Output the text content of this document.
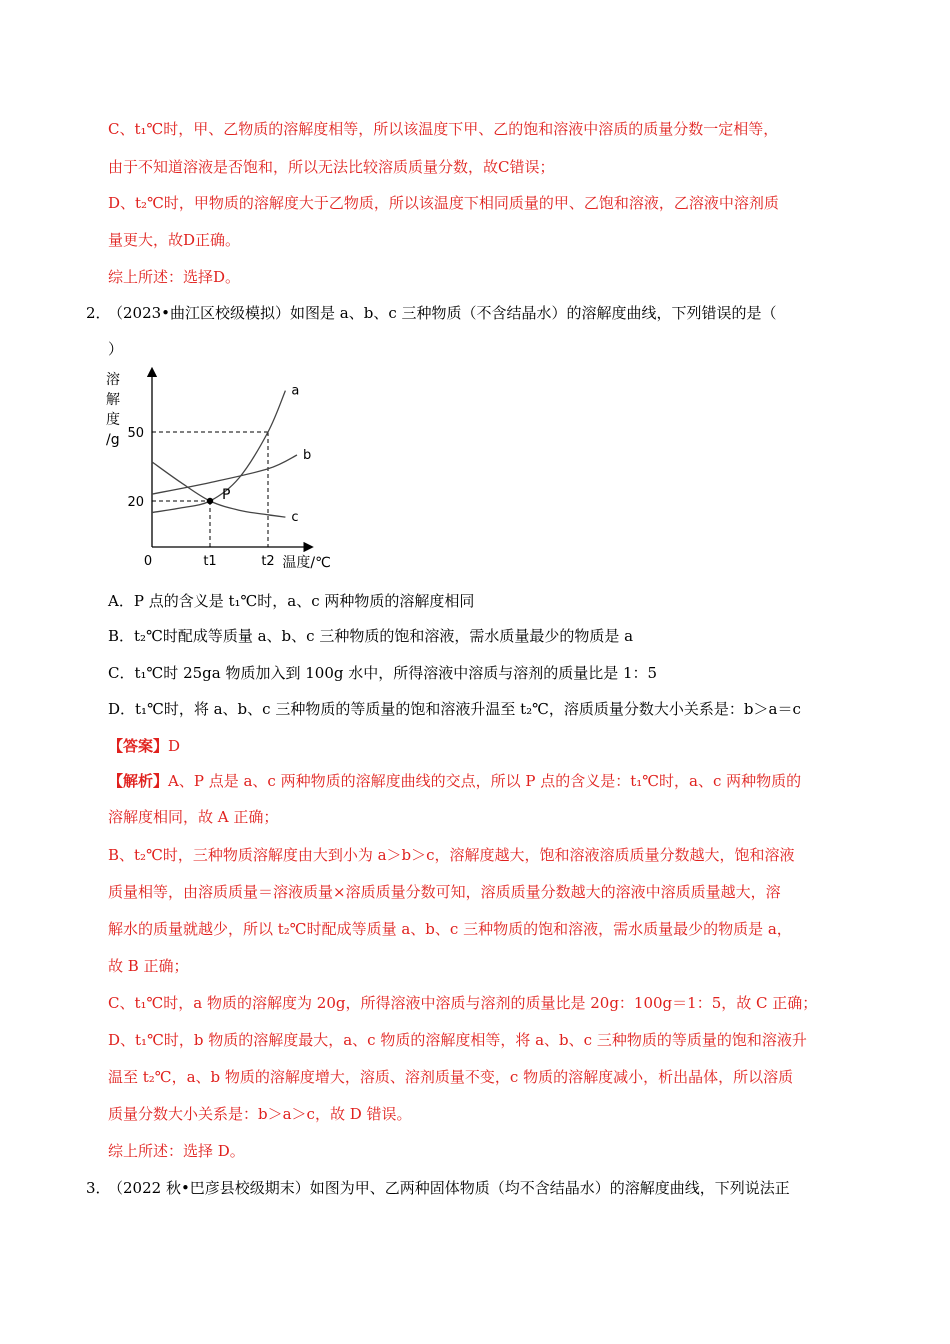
C、t₁℃时，甲、乙物质的溶解度相等，所以该温度下甲、乙的饱和溶液中溶质的质量分数一定相等，
由于不知道溶液是否饱和，所以无法比较溶质质量分数，故C错误；
D、t₂℃时，甲物质的溶解度大于乙物质，所以该温度下相同质量的甲、乙饱和溶液，乙溶液中溶剂质
量更大，故D正确。
综上所述：选择D。
2．
（2023•曲江区校级模拟）如图是 a、b、c 三种物质（不含结晶水）的溶解度曲线，下列错误的是（
）
a
b
c
P
20
50
0	t1	t2 温度/℃
溶
解
度
/g
A．P 点的含义是 t₁℃时，a、c 两种物质的溶解度相同
B．t₂℃时配成等质量 a、b、c 三种物质的饱和溶液，需水质量最少的物质是 a
C．t₁℃时 25ga 物质加入到 100g 水中，所得溶液中溶质与溶剂的质量比是 1：5
D．t₁℃时，将 a、b、c 三种物质的等质量的饱和溶液升温至 t₂℃，溶质质量分数大小关系是：b＞a＝c
【答案】D
【解析】A、P 点是 a、c 两种物质的溶解度曲线的交点，所以 P 点的含义是：t₁℃时，a、c 两种物质的
溶解度相同，故 A 正确；
B、t₂℃时，三种物质溶解度由大到小为 a＞b＞c，溶解度越大，饱和溶液溶质质量分数越大，饱和溶液
质量相等，由溶质质量＝溶液质量×溶质质量分数可知，溶质质量分数越大的溶液中溶质质量越大，溶
解水的质量就越少，所以 t₂℃时配成等质量 a、b、c 三种物质的饱和溶液，需水质量最少的物质是 a，
故 B 正确；
C、t₁℃时，a 物质的溶解度为 20g，所得溶液中溶质与溶剂的质量比是 20g：100g＝1：5，故 C 正确；
D、t₁℃时，b 物质的溶解度最大，a、c 物质的溶解度相等，将 a、b、c 三种物质的等质量的饱和溶液升
温至 t₂℃，a、b 物质的溶解度增大，溶质、溶剂质量不变，c 物质的溶解度减小，析出晶体，所以溶质
质量分数大小关系是：b＞a＞c，故 D 错误。
综上所述：选择 D。
3．
（2022 秋•巴彦县校级期末）如图为甲、乙两种固体物质（均不含结晶水）的溶解度曲线，下列说法正
